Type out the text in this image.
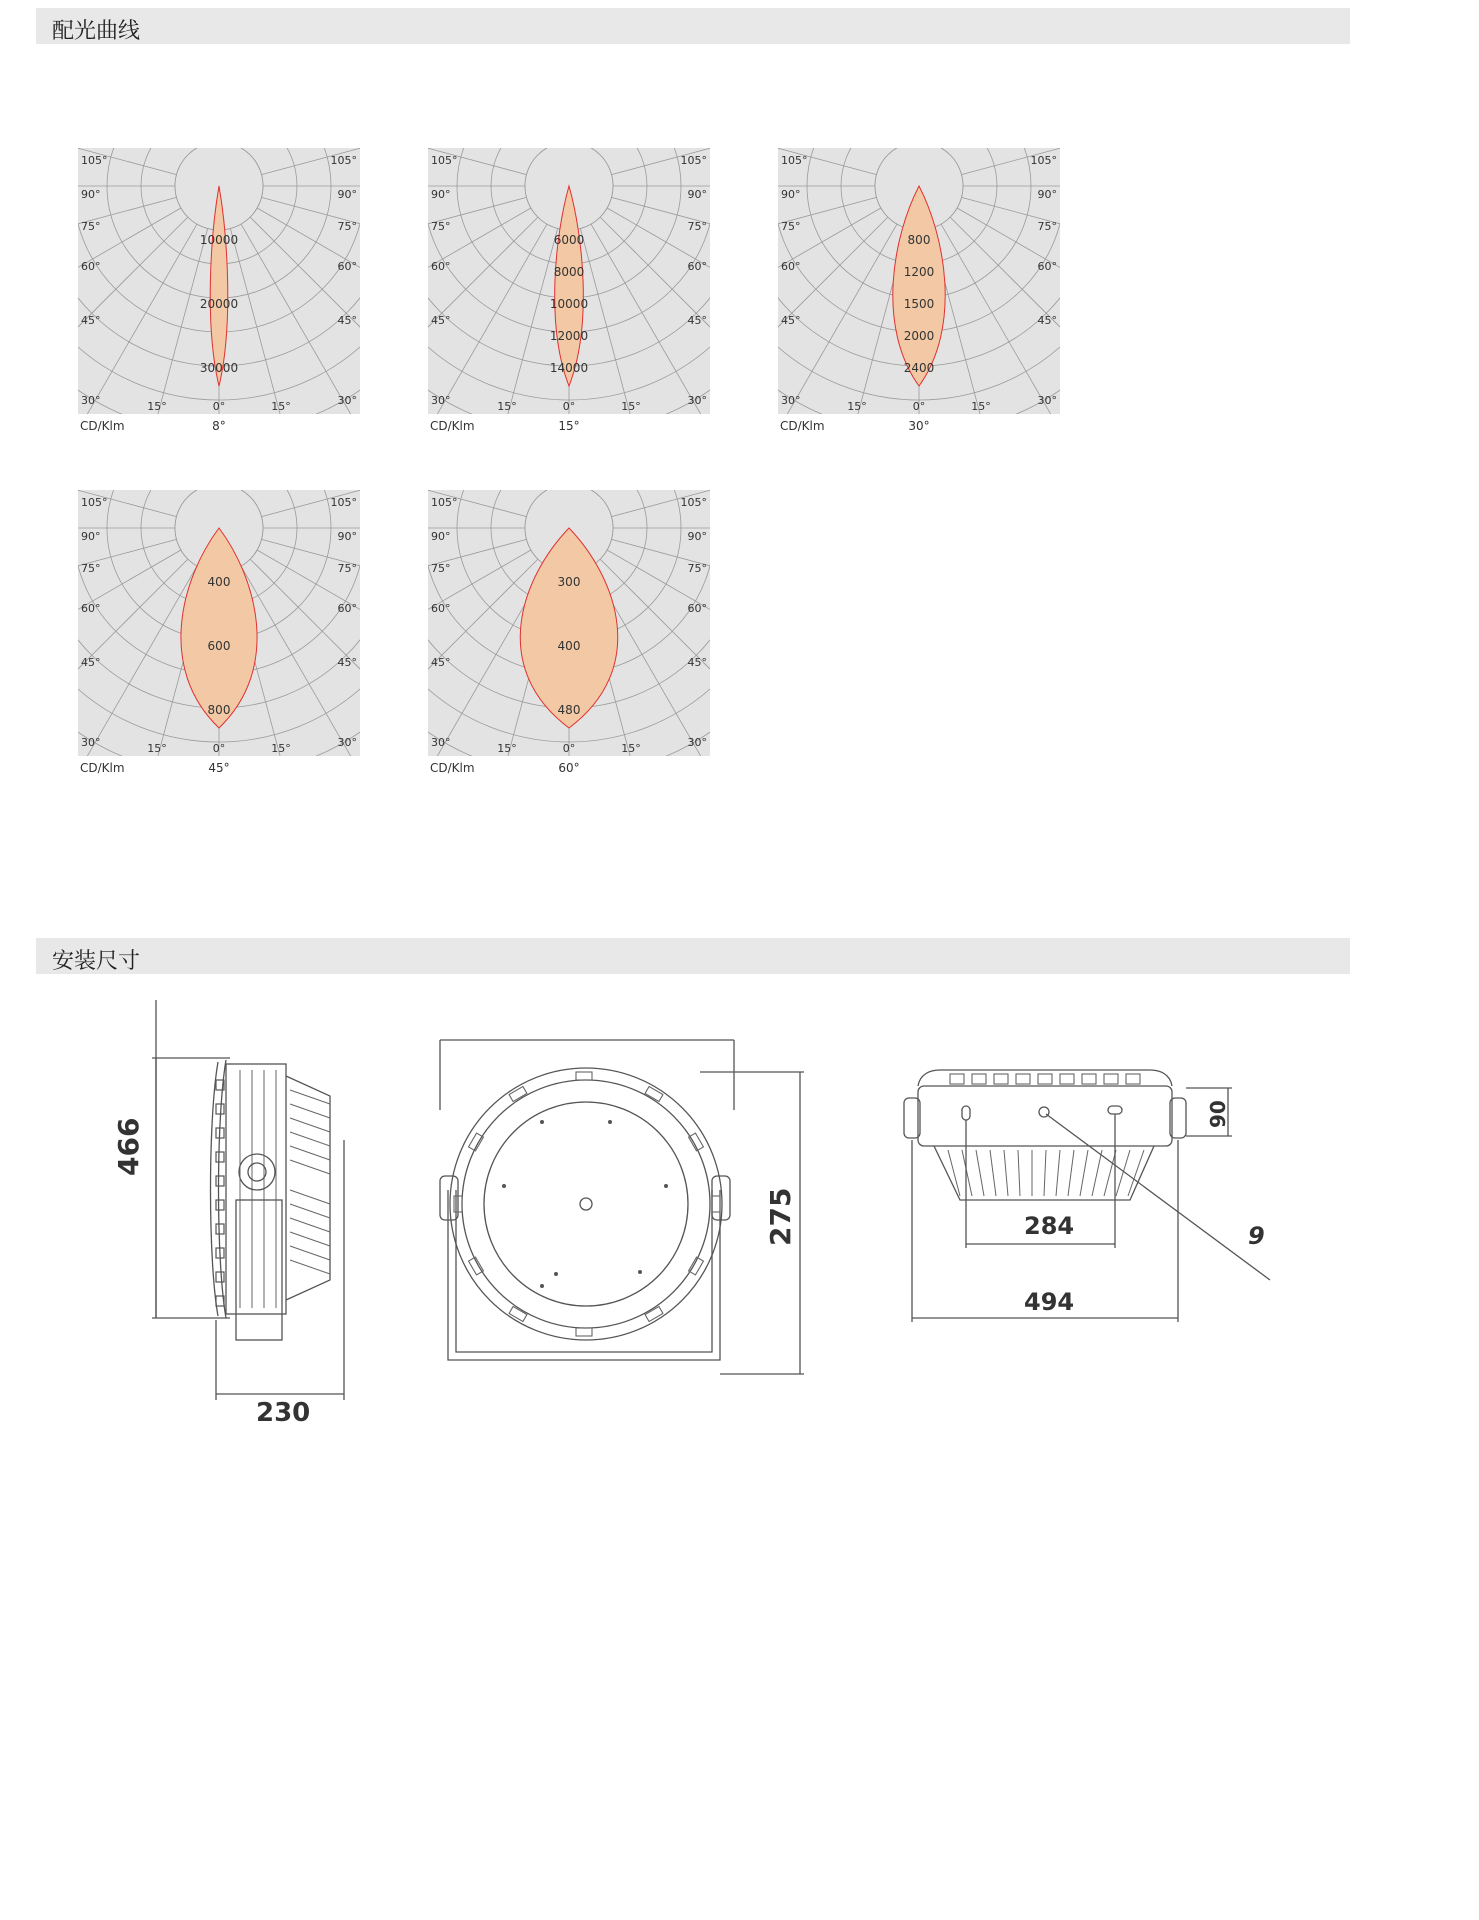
配光曲线
10000
20000
30000
105°
90°
75°
60°
45°
30°
105°
90°
75°
60°
45°
30°
15°	0°	15°
CD/Klm	8°
6000
8000
10000
12000
14000
105°
90°
75°
60°
45°
30°
105°
90°
75°
60°
45°
30°
15°	0°	15°
CD/Klm	15°
800
1200
1500
2000
2400
105°
90°
75°
60°
45°
30°
105°
90°
75°
60°
45°
30°
15°	0°	15°
CD/Klm	30°
400
600
800
105°
90°
75°
60°
45°
30°
105°
90°
75°
60°
45°
30°
15°	0°	15°
CD/Klm	45°
300
400
480
105°
90°
75°
60°
45°
30°
105°
90°
75°
60°
45°
30°
15°	0°	15°
CD/Klm	60°
安装尺寸
466
230
275
90
284
494
9
